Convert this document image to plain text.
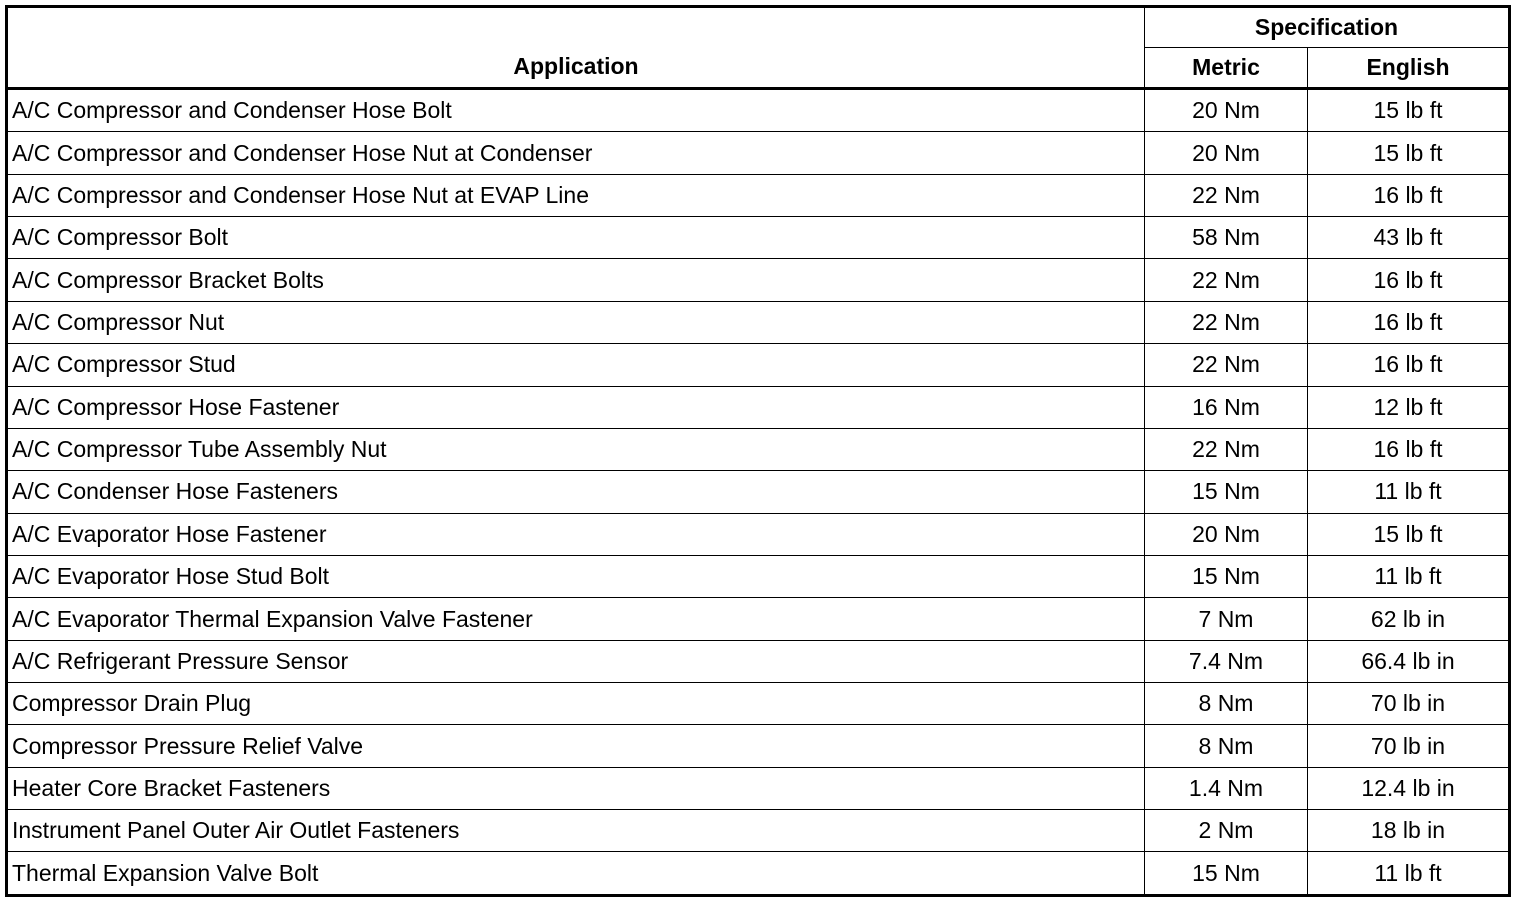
Application	Specification	
	Metric	English
A/C Compressor and Condenser Hose Bolt	20 Nm	15 lb ft
A/C Compressor and Condenser Hose Nut at Condenser	20 Nm	15 lb ft
A/C Compressor and Condenser Hose Nut at EVAP Line	22 Nm	16 lb ft
A/C Compressor Bolt	58 Nm	43 lb ft
A/C Compressor Bracket Bolts	22 Nm	16 lb ft
A/C Compressor Nut	22 Nm	16 lb ft
A/C Compressor Stud	22 Nm	16 lb ft
A/C Compressor Hose Fastener	16 Nm	12 lb ft
A/C Compressor Tube Assembly Nut	22 Nm	16 lb ft
A/C Condenser Hose Fasteners	15 Nm	11 lb ft
A/C Evaporator Hose Fastener	20 Nm	15 lb ft
A/C Evaporator Hose Stud Bolt	15 Nm	11 lb ft
A/C Evaporator Thermal Expansion Valve Fastener	7 Nm	62 lb in
A/C Refrigerant Pressure Sensor	7.4 Nm	66.4 lb in
Compressor Drain Plug	8 Nm	70 lb in
Compressor Pressure Relief Valve	8 Nm	70 lb in
Heater Core Bracket Fasteners	1.4 Nm	12.4 lb in
Instrument Panel Outer Air Outlet Fasteners	2 Nm	18 lb in
Thermal Expansion Valve Bolt	15 Nm	11 lb ft
